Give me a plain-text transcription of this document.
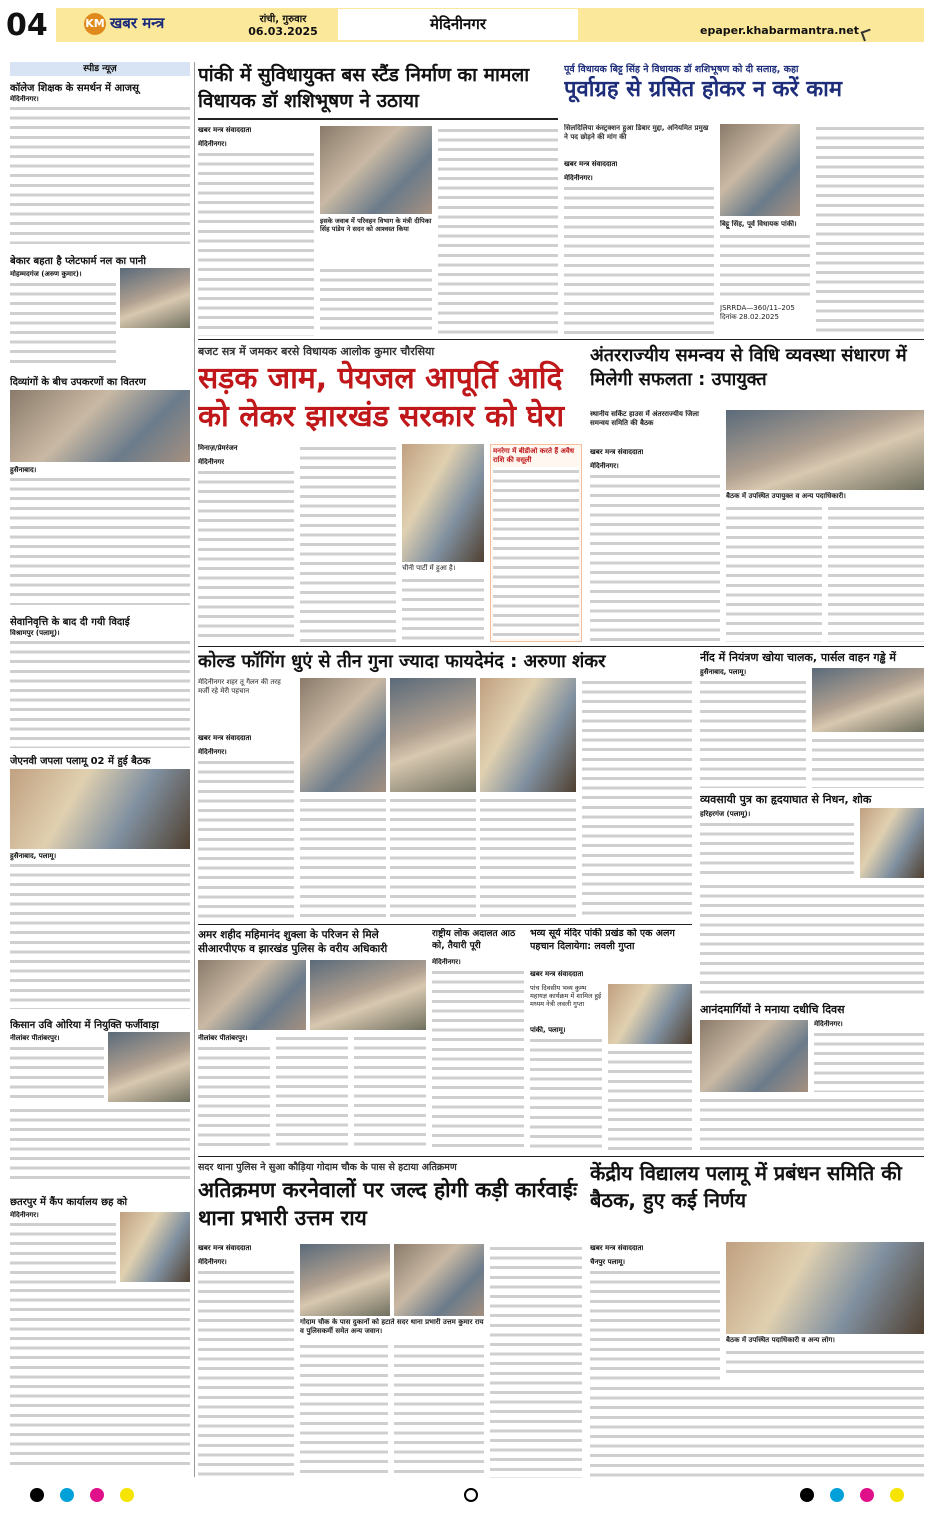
04	KM खबर मन्त्र	रांची, गुरुवार
06.03.2025	मेदिनीनगर	epaper.khabarmantra.net
स्पीड न्यूज़
कॉलेज शिक्षक के समर्थन में आजसू
मेदिनीनगर।
बेकार बहता है प्लेटफार्म नल का पानी
मोहम्मदगंज (अरुण कुमार)।
दिव्यांगों के बीच उपकरणों का वितरण
हुसैनाबाद।
सेवानिवृत्ति के बाद दी गयी विदाई
विश्रामपुर (पलामू)।
जेएनवी जपला पलामू 02 में हुई बैठक
हुसैनाबाद, पलामू।
किसान उवि ओरिया में नियुक्ति फर्जीवाड़ा
नीलांबर पीतांबरपुर।
छतरपुर में कैंप कार्यालय छह को
मेदिनीनगर।
पांकी में सुविधायुक्त बस स्टैंड निर्माण का मामला विधायक डॉ शशिभूषण ने उठाया
खबर मन्त्र संवाददाता
मेदिनीनगर।
इसके जवाब में परिवहन विभाग के मंत्री दीपिका सिंह पांडेय ने सदन को आश्वस्त किया
पूर्व विधायक बिट्टू सिंह ने विधायक डॉ शशिभूषण को दी सलाह, कहा
पूर्वाग्रह से ग्रसित होकर न करें काम
सिलदिलिया कंस्ट्रक्शन हुआ डिबार मुद्दा, अनियमित प्रमुख ने पद छोड़ने की मांग की
खबर मन्त्र संवाददाता
मेदिनीनगर।
बिट्टू सिंह, पूर्व विधायक पांकी।
JSRRDA—360/11–205 दिनांक 28.02.2025
बजट सत्र में जमकर बरसे विधायक आलोक कुमार चौरसिया
सड़क जाम, पेयजल आपूर्ति आदि को लेकर झारखंड सरकार को घेरा
मिनाज़/प्रेमरंजन
मेदिनीनगर
चीनी पार्टी में हुआ है।
मनरेगा में बीडीओ करते हैं अवैध राशि की वसूली
अंतरराज्यीय समन्वय से विधि व्यवस्था संधारण में मिलेगी सफलता : उपायुक्त
स्थानीय सर्किट हाउस में अंतरराज्यीय जिला समन्वय समिति की बैठक
खबर मन्त्र संवाददाता
मेदिनीनगर।
बैठक में उपस्थित उपायुक्त व अन्य पदाधिकारी।
कोल्ड फॉगिंग धुएं से तीन गुना ज्यादा फायदेमंद : अरुणा शंकर
मेदिनीनगर शहर तू गैलन की तरह मर्जी रहे मेरी पहचान
खबर मन्त्र संवाददाता
मेदिनीनगर।
नींद में नियंत्रण खोया चालक, पार्सल वाहन गड्ढे में
हुसैनाबाद, पलामू।
व्यवसायी पुत्र का हृदयाघात से निधन, शोक
हरिहरगंज (पलामू)।
आनंदमार्गियों ने मनाया दधीचि दिवस
मेदिनीनगर।
अमर शहीद महिमानंद शुक्ला के परिजन से मिले सीआरपीएफ व झारखंड पुलिस के वरीय अधिकारी
नीलांबर पीतांबरपुर।
राष्ट्रीय लोक अदालत आठ को, तैयारी पूरी
मेदिनीनगर।
भव्य सूर्य मंदिर पांकी प्रखंड को एक अलग पहचान दिलायेगा: लवली गुप्ता
खबर मन्त्र संवाददाता
पांच दिवसीय भव्य कुम्भ महायज्ञ कार्यक्रम में शामिल हुई मध्यम नेत्री लवली गुप्ता
पांकी, पलामू।
सदर थाना पुलिस ने सुआ कौड़िया गोदाम चौक के पास से हटाया अतिक्रमण
अतिक्रमण करनेवालों पर जल्द होगी कड़ी कार्रवाईः थाना प्रभारी उत्तम राय
खबर मन्त्र संवाददाता
मेदिनीनगर।
गोदाम चौक के पास दुकानों को हटाते सदर थाना प्रभारी उत्तम कुमार राय व पुलिसकर्मी समेत अन्य जवान।
केंद्रीय विद्यालय पलामू में प्रबंधन समिति की बैठक, हुए कई निर्णय
खबर मन्त्र संवाददाता
चैनपुर पलामू।
बैठक में उपस्थित पदाधिकारी व अन्य लोग।
